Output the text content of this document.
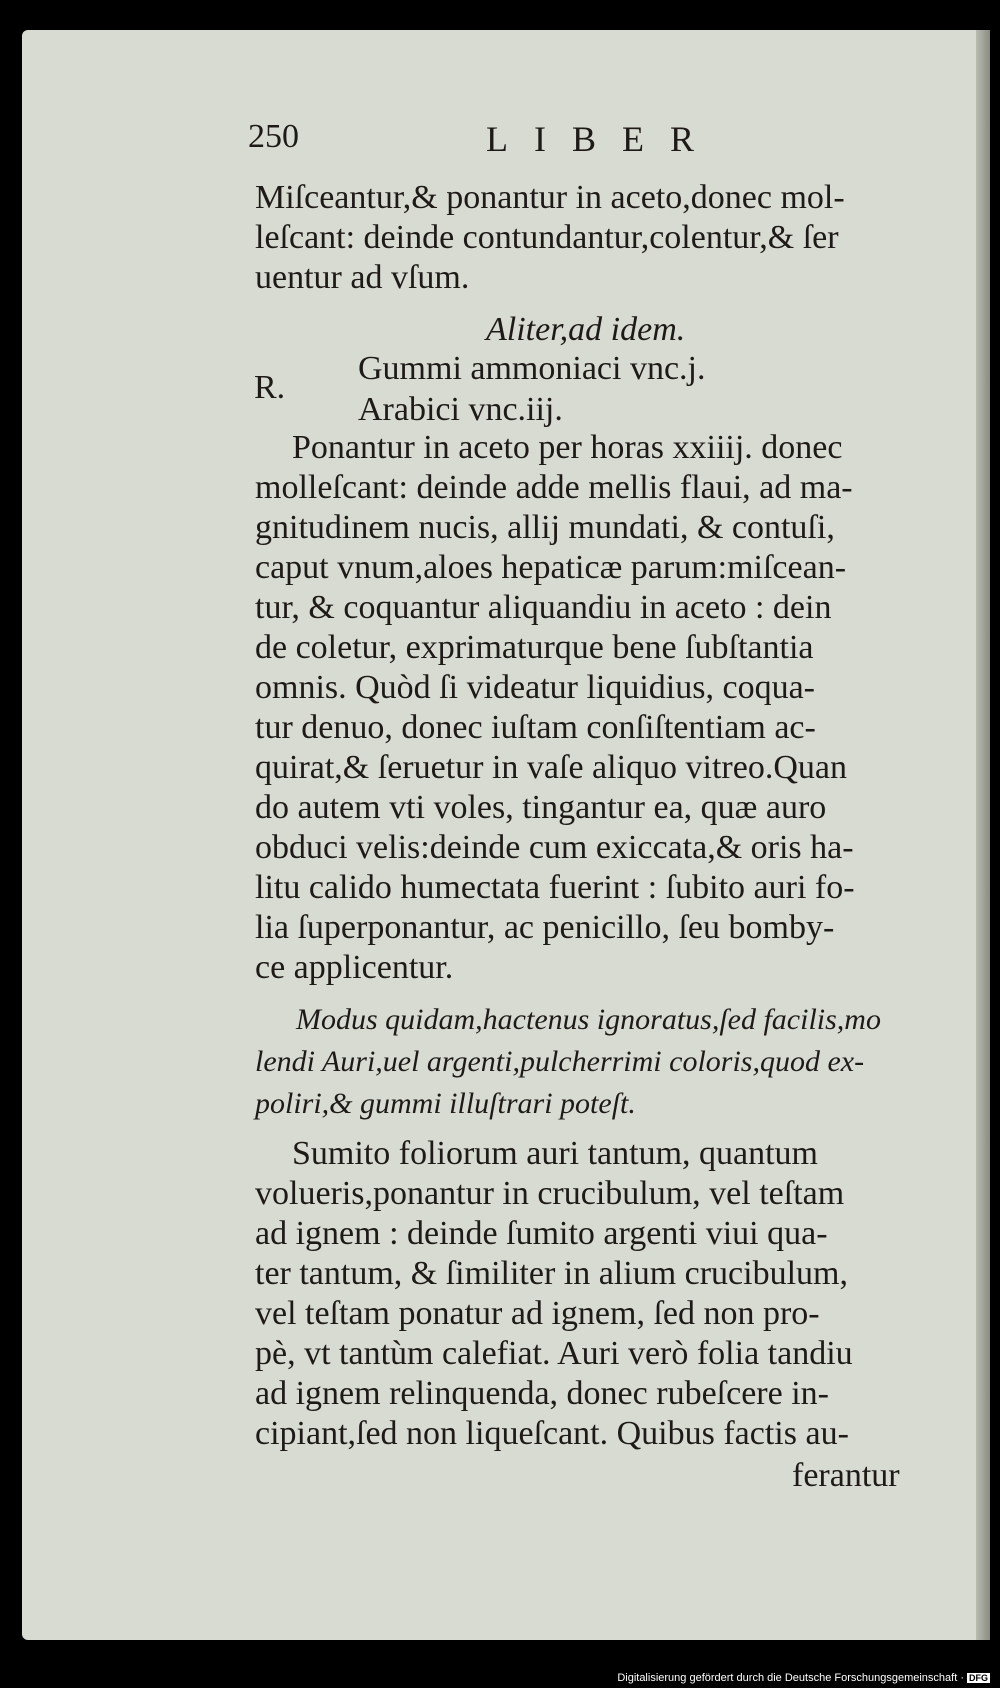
250	LIBER
R.
Miſceantur,& ponantur in aceto,donec mol-
leſcant: deinde contundantur,colentur,& ſer
uentur ad vſum.
Aliter,ad idem.
Gummi ammoniaci vnc.j.
Arabici vnc.iij.
Ponantur in aceto per horas xxiiij. donec
molleſcant: deinde adde mellis flaui, ad ma-
gnitudinem nucis, allij mundati, & contuſi,
caput vnum,aloes hepaticæ parum:miſcean-
tur, & coquantur aliquandiu in aceto : dein
de coletur, exprimaturque bene ſubſtantia
omnis. Quòd ſi videatur liquidius, coqua-
tur denuo, donec iuſtam conſiſtentiam ac-
quirat,& ſeruetur in vaſe aliquo vitreo.Quan
do autem vti voles, tingantur ea, quæ auro
obduci velis:deinde cum exiccata,& oris ha-
litu calido humectata fuerint : ſubito auri fo-
lia ſuperponantur, ac penicillo, ſeu bomby-
ce applicentur.
Modus quidam,hactenus ignoratus,ſed facilis,mo
lendi Auri,uel argenti,pulcherrimi coloris,quod ex-
poliri,& gummi illuſtrari poteſt.
Sumito foliorum auri tantum, quantum
volueris,ponantur in crucibulum, vel teſtam
ad ignem : deinde ſumito argenti viui qua-
ter tantum, & ſimiliter in alium crucibulum,
vel teſtam ponatur ad ignem, ſed non pro-
pè, vt tantùm calefiat. Auri verò folia tandiu
ad ignem relinquenda, donec rubeſcere in-
cipiant,ſed non liqueſcant. Quibus factis au-
ferantur
Digitalisierung gefördert durch die Deutsche Forschungsgemeinschaft · DFG
